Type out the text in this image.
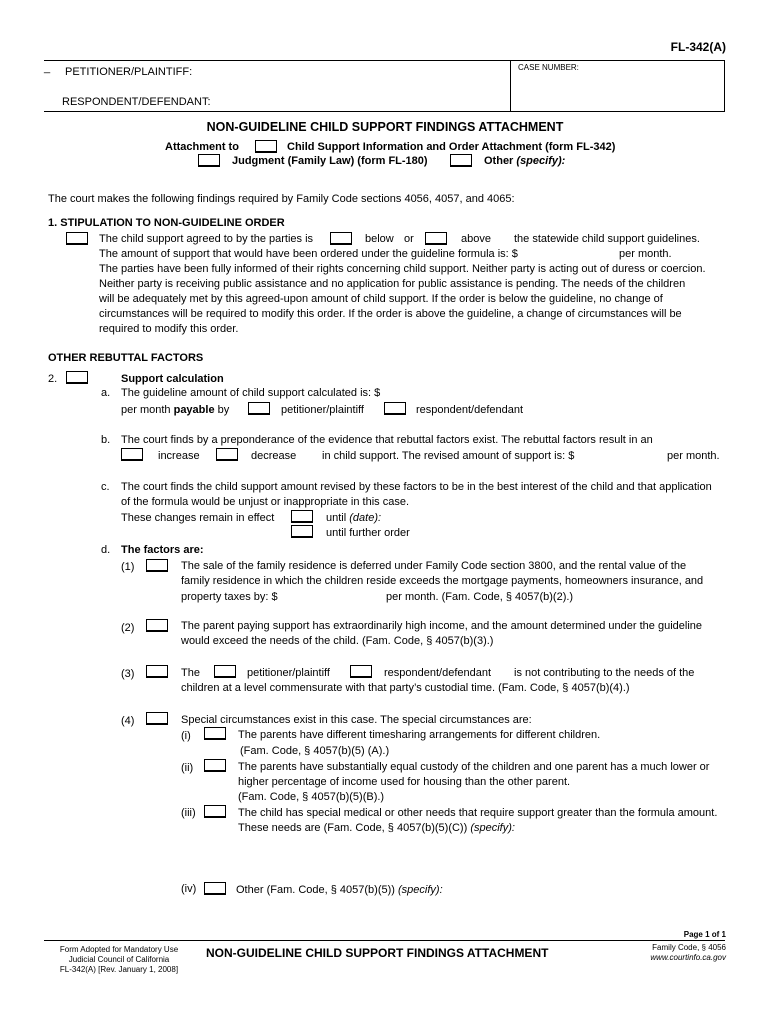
FL-342(A)
CASE NUMBER:
_ PETITIONER/PLAINTIFF:
RESPONDENT/DEFENDANT:
NON-GUIDELINE CHILD SUPPORT FINDINGS ATTACHMENT
Attachment to	Child Support Information and Order Attachment (form FL-342)
Judgment (Family Law) (form FL-180)	Other (specify):
The court makes the following findings required by Family Code sections 4056, 4057, and 4065:
1. STIPULATION TO NON-GUIDELINE ORDER
The child support agreed to by the parties is	below or	above the statewide child support guidelines.
The amount of support that would have been ordered under the guideline formula is: $	per month.
The parties have been fully informed of their rights concerning child support. Neither party is acting out of duress or coercion.
Neither party is receiving public assistance and no application for public assistance is pending. The needs of the children
will be adequately met by this agreed-upon amount of child support. If the order is below the guideline, no change of
circumstances will be required to modify this order. If the order is above the guideline, a change of circumstances will be
required to modify this order.
OTHER REBUTTAL FACTORS
2.	Support calculation
a. The guideline amount of child support calculated is: $
per month payable by	petitioner/plaintiff	respondent/defendant
b. The court finds by a preponderance of the evidence that rebuttal factors exist. The rebuttal factors result in an
increase	decrease in child support. The revised amount of support is: $	per month.
c. The court finds the child support amount revised by these factors to be in the best interest of the child and that application
of the formula would be unjust or inappropriate in this case.
These changes remain in effect	until (date):
until further order
d. The factors are:
(1)	The sale of the family residence is deferred under Family Code section 3800, and the rental value of the
family residence in which the children reside exceeds the mortgage payments, homeowners insurance, and
property taxes by: $	per month. (Fam. Code, § 4057(b)(2).)
(2)	The parent paying support has extraordinarily high income, and the amount determined under the guideline
would exceed the needs of the child. (Fam. Code, § 4057(b)(3).)
(3)	The	petitioner/plaintiff	respondent/defendant is not contributing to the needs of the
children at a level commensurate with that party’s custodial time. (Fam. Code, § 4057(b)(4).)
(4)	Special circumstances exist in this case. The special circumstances are:
(i)	The parents have different timesharing arrangements for different children.
(Fam. Code, § 4057(b)(5) (A).)
(ii)	The parents have substantially equal custody of the children and one parent has a much lower or
higher percentage of income used for housing than the other parent.
(Fam. Code, § 4057(b)(5)(B).)
(iii)	The child has special medical or other needs that require support greater than the formula amount.
These needs are (Fam. Code, § 4057(b)(5)(C)) (specify):
(iv)	Other (Fam. Code, § 4057(b)(5)) (specify):
Page 1 of 1
Form Adopted for Mandatory Use
Judicial Council of California
FL-342(A) [Rev. January 1, 2008]
NON-GUIDELINE CHILD SUPPORT FINDINGS ATTACHMENT	Family Code, § 4056
www.courtinfo.ca.gov
